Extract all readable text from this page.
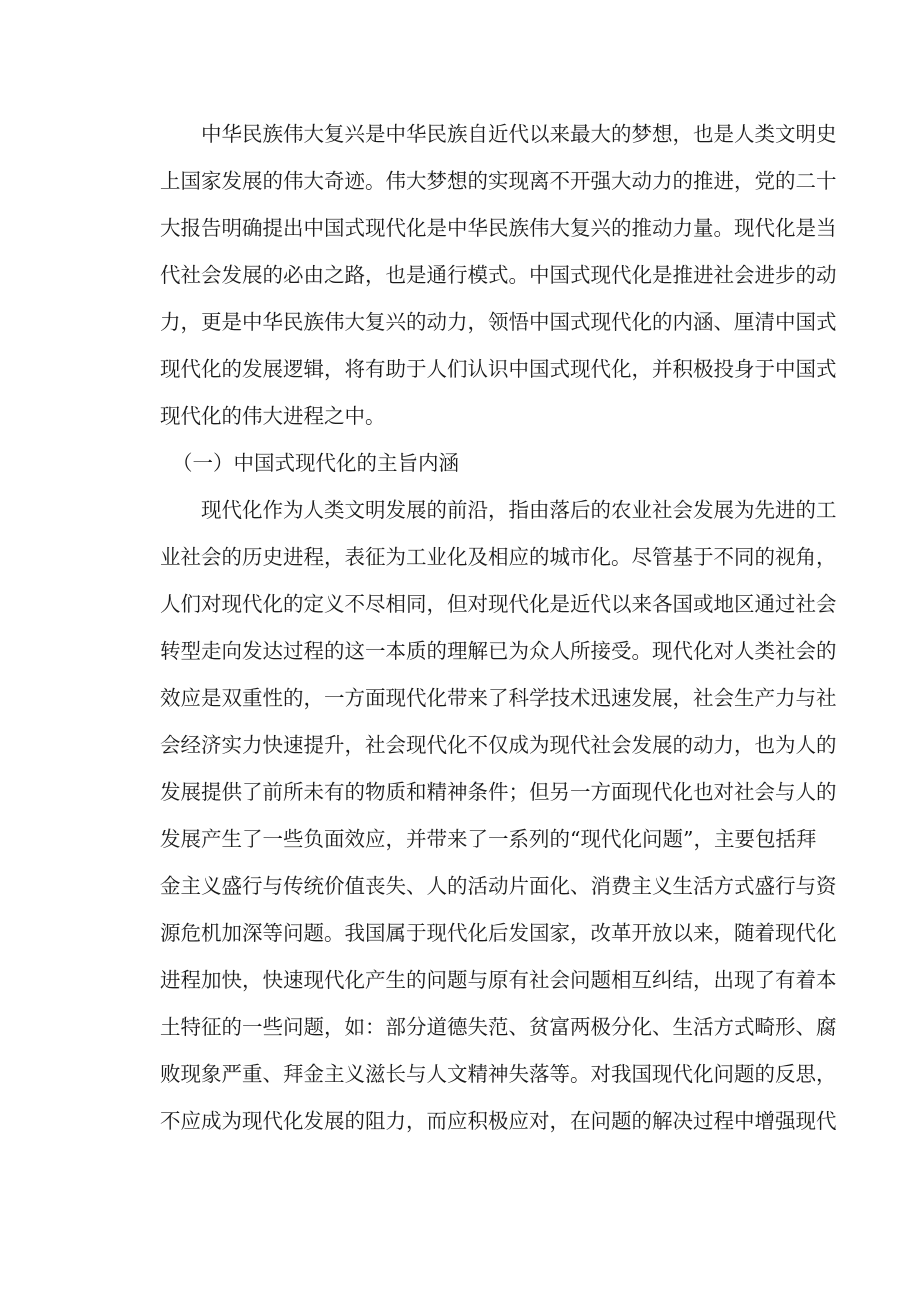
中华民族伟大复兴是中华民族自近代以来最大的梦想，也是人类文明史
上国家发展的伟大奇迹。伟大梦想的实现离不开强大动力的推进，党的二十
大报告明确提出中国式现代化是中华民族伟大复兴的推动力量。现代化是当
代社会发展的必由之路，也是通行模式。中国式现代化是推进社会进步的动
力，更是中华民族伟大复兴的动力，领悟中国式现代化的内涵、厘清中国式
现代化的发展逻辑，将有助于人们认识中国式现代化，并积极投身于中国式
现代化的伟大进程之中。
（一）中国式现代化的主旨内涵
现代化作为人类文明发展的前沿，指由落后的农业社会发展为先进的工
业社会的历史进程，表征为工业化及相应的城市化。尽管基于不同的视角，
人们对现代化的定义不尽相同，但对现代化是近代以来各国或地区通过社会
转型走向发达过程的这一本质的理解已为众人所接受。现代化对人类社会的
效应是双重性的，一方面现代化带来了科学技术迅速发展，社会生产力与社
会经济实力快速提升，社会现代化不仅成为现代社会发展的动力，也为人的
发展提供了前所未有的物质和精神条件；但另一方面现代化也对社会与人的
发展产生了一些负面效应，并带来了一系列的“现代化问题”，主要包括拜
金主义盛行与传统价值丧失、人的活动片面化、消费主义生活方式盛行与资
源危机加深等问题。我国属于现代化后发国家，改革开放以来，随着现代化
进程加快，快速现代化产生的问题与原有社会问题相互纠结，出现了有着本
土特征的一些问题，如：部分道德失范、贫富两极分化、生活方式畸形、腐
败现象严重、拜金主义滋长与人文精神失落等。对我国现代化问题的反思，
不应成为现代化发展的阻力，而应积极应对，在问题的解决过程中增强现代
